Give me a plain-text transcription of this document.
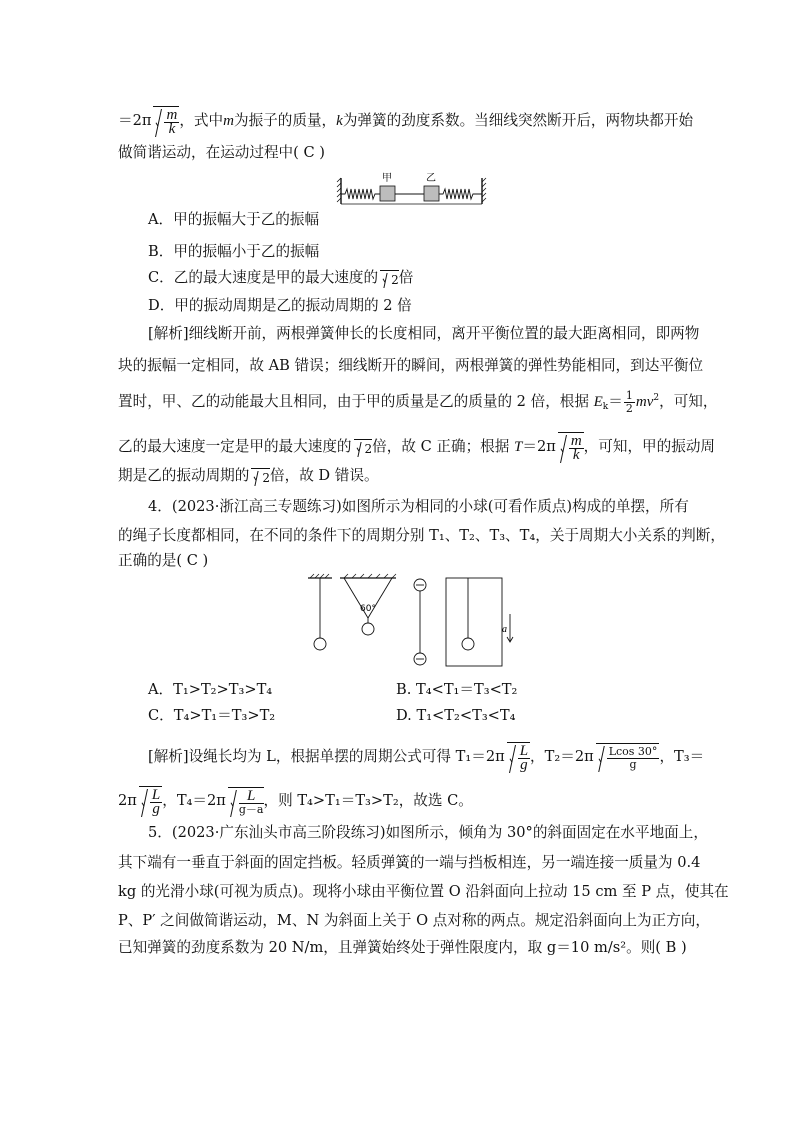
$=2\pi \frac{m}{k}$ ，式中m为振子的质量，k为弹簧的劲度系数。当细线突然断开后，两物块都开始
做简谐运动，在运动过程中( C )
甲	乙
A．甲的振幅大于乙的振幅
B．甲的振幅小于乙的振幅
C．乙的最大速度是甲的最大速度的 2倍
D．甲的振动周期是乙的振动周期的 2 倍
[解析]细线断开前，两根弹簧伸长的长度相同，离开平衡位置的最大距离相同，即两物
块的振幅一定相同，故 AB 错误；细线断开的瞬间，两根弹簧的弹性势能相同，到达平衡位
置时，甲、乙的动能最大且相同，由于甲的质量是乙的质量的 2 倍，根据 $E_k= \frac{1}{2} mv^2$，可知，
乙的最大速度一定是甲的最大速度的 2倍，故 C 正确；根据 $T=2\pi \frac{m}{k}$ ，可知，甲的振动周
期是乙的振动周期的 2倍，故 D 错误。
4．(2023·浙江高三专题练习)如图所示为相同的小球(可看作质点)构成的单摆，所有
的绳子长度都相同，在不同的条件下的周期分别 T₁、T₂、T₃、T₄，关于周期大小关系的判断，
正确的是( C )
60°
a
A．T₁>T₂>T₃>T₄	B. T₄<T₁＝T₃<T₂
C．T₄>T₁＝T₃>T₂	D. T₁<T₂<T₃<T₄
[解析]设绳长均为 L，根据单摆的周期公式可得 $T_1=2\pi \frac{L}{g}$ ，$T_2=2\pi \frac{Lcos 30^\circ}{g}$ ，T₃＝
$2\pi \frac{L}{g}$ ，$T_4=2\pi \frac{L}{g-a}$ ，则 T₄>T₁＝T₃>T₂，故选 C。
5．(2023·广东汕头市高三阶段练习)如图所示，倾角为 30°的斜面固定在水平地面上，
其下端有一垂直于斜面的固定挡板。轻质弹簧的一端与挡板相连，另一端连接一质量为 0.4
kg 的光滑小球(可视为质点)。现将小球由平衡位置 O 沿斜面向上拉动 15 cm 至 P 点，使其在
P、P′ 之间做简谐运动，M、N 为斜面上关于 O 点对称的两点。规定沿斜面向上为正方向，
已知弹簧的劲度系数为 20 N/m，且弹簧始终处于弹性限度内，取 g＝10 m/s²。则( B )
